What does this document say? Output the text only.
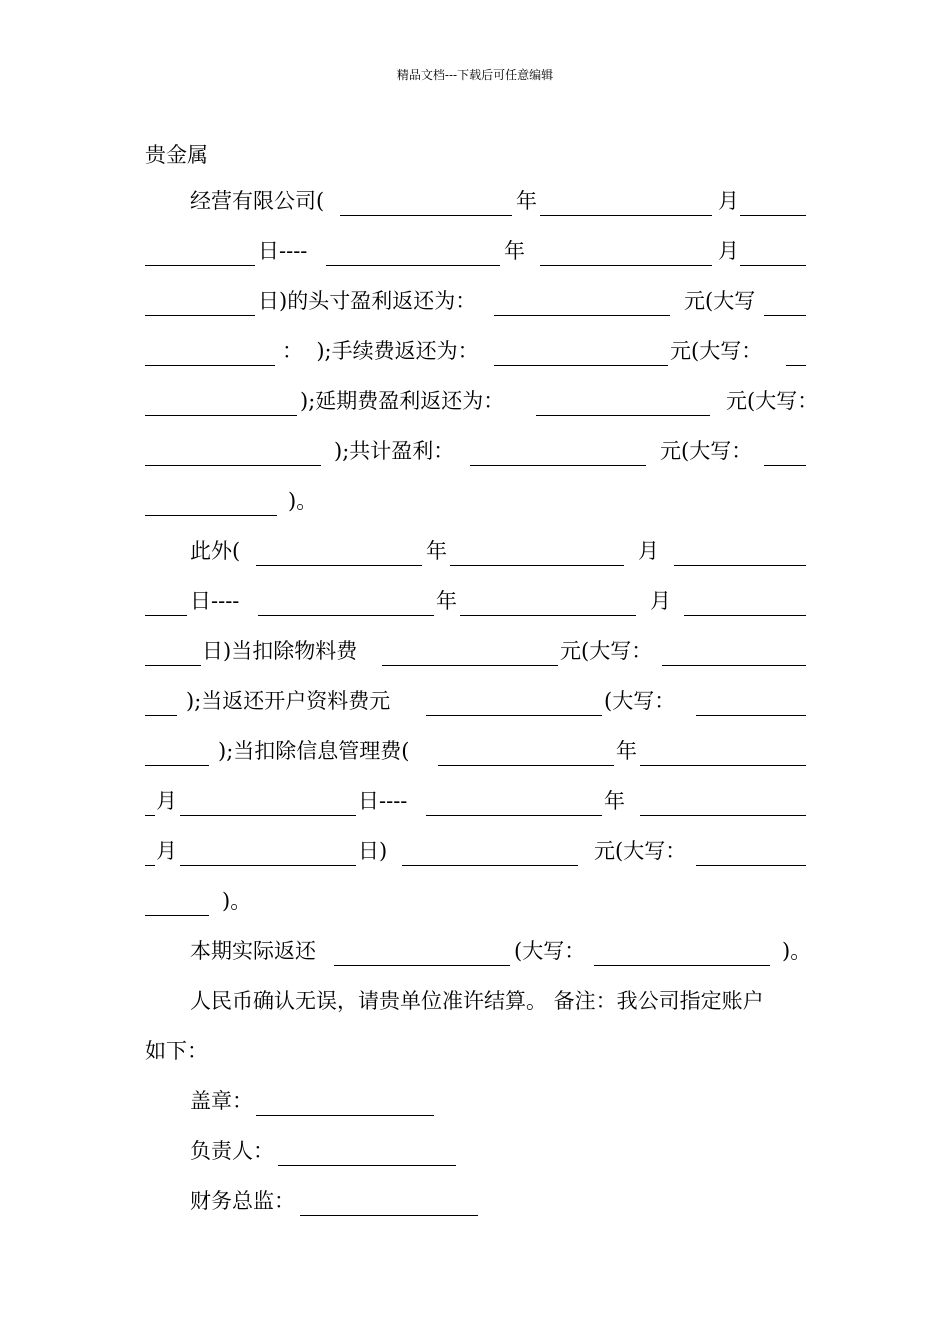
精品文档---下载后可任意编辑
贵金属
经营有限公司(	年	月
日----	年	月
日)的头寸盈利返还为：	元(大写
：  );手续费返还为：	元(大写：
);延期费盈利返还为：	元(大写：
);共计盈利：	元(大写：
)。
此外(	年	月
日----	年	月
日)当扣除物料费	元(大写：
);当返还开户资料费元	(大写：
);当扣除信息管理费(	年
月	日----	年
月	日)	元(大写：
)。
本期实际返还	(大写：	)。
人民币确认无误，请贵单位准许结算。 备注：我公司指定账户
如下：
盖章：
负责人：
财务总监：
